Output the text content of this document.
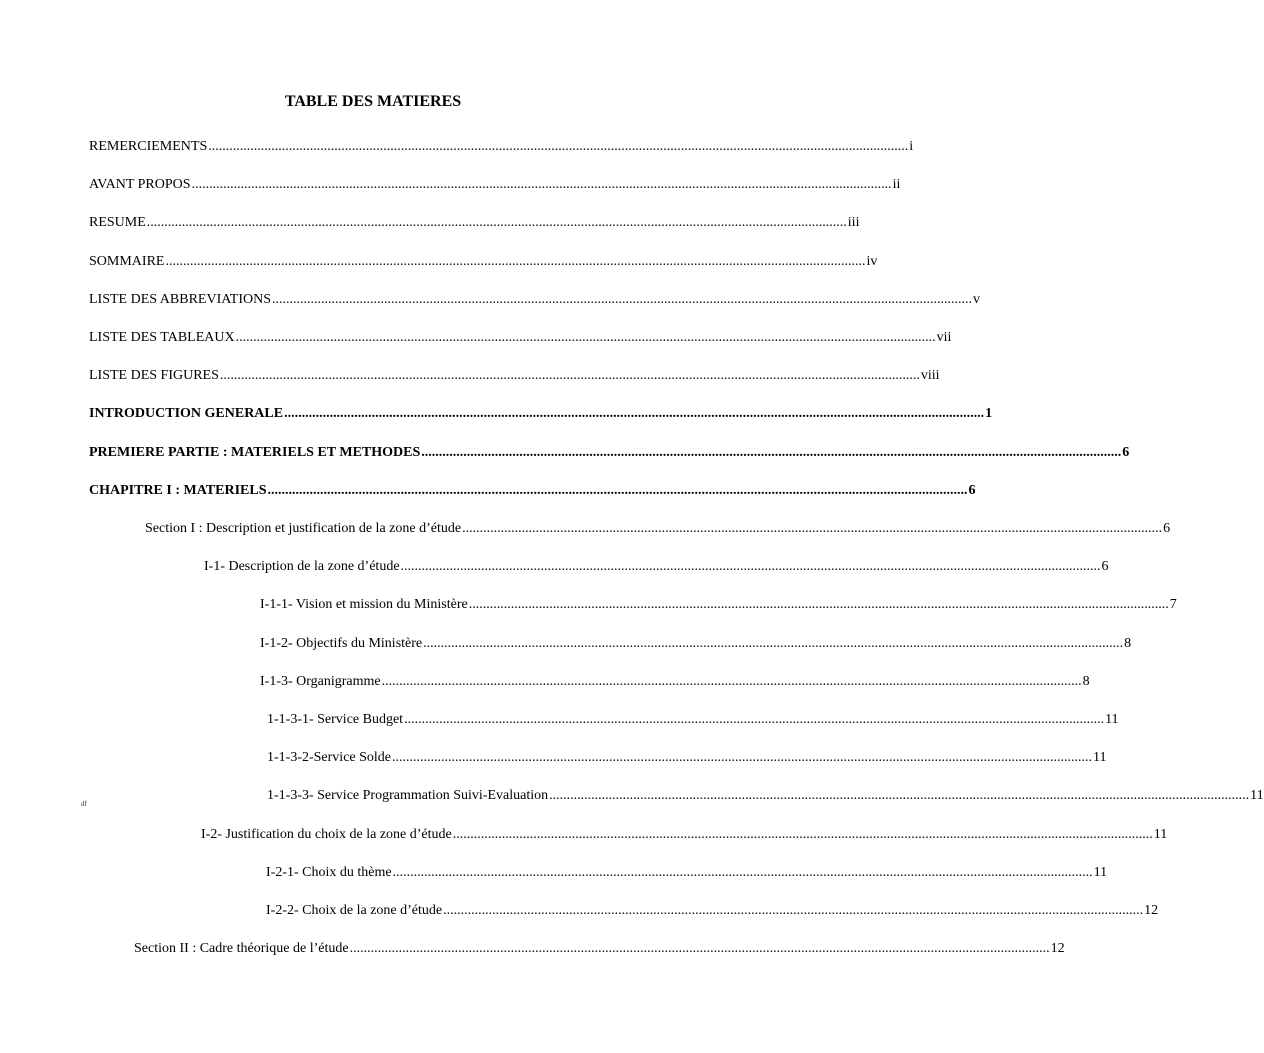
TABLE DES MATIERES
REMERCIEMENTS ........................................................................................................................................................................................................ i
AVANT PROPOS ........................................................................................................................................................................................................ ii
RESUME ........................................................................................................................................................................................................ iii
SOMMAIRE ........................................................................................................................................................................................................ iv
LISTE DES ABBREVIATIONS ........................................................................................................................................................................................................ v
LISTE DES TABLEAUX ........................................................................................................................................................................................................ vii
LISTE DES FIGURES ........................................................................................................................................................................................................ viii
INTRODUCTION GENERALE ........................................................................................................................................................................................................ 1
PREMIERE PARTIE : MATERIELS ET METHODES ........................................................................................................................................................................................................ 6
CHAPITRE I : MATERIELS ........................................................................................................................................................................................................ 6
Section I : Description et justification de la zone d’étude ........................................................................................................................................................................................................ 6
I-1- Description de la zone d’étude ........................................................................................................................................................................................................ 6
I-1-1- Vision et mission du Ministère ........................................................................................................................................................................................................ 7
I-1-2- Objectifs du Ministère ........................................................................................................................................................................................................ 8
I-1-3- Organigramme ........................................................................................................................................................................................................ 8
1-1-3-1- Service Budget ........................................................................................................................................................................................................ 11
1-1-3-2-Service Solde ........................................................................................................................................................................................................ 11
1-1-3-3- Service Programmation Suivi-Evaluation ........................................................................................................................................................................................................ 11
I-2- Justification du choix de la zone d’étude ........................................................................................................................................................................................................ 11
I-2-1- Choix du thème ........................................................................................................................................................................................................ 11
I-2-2- Choix de la zone d’étude ........................................................................................................................................................................................................ 12
Section II : Cadre théorique de l’étude ........................................................................................................................................................................................................ 12
df
